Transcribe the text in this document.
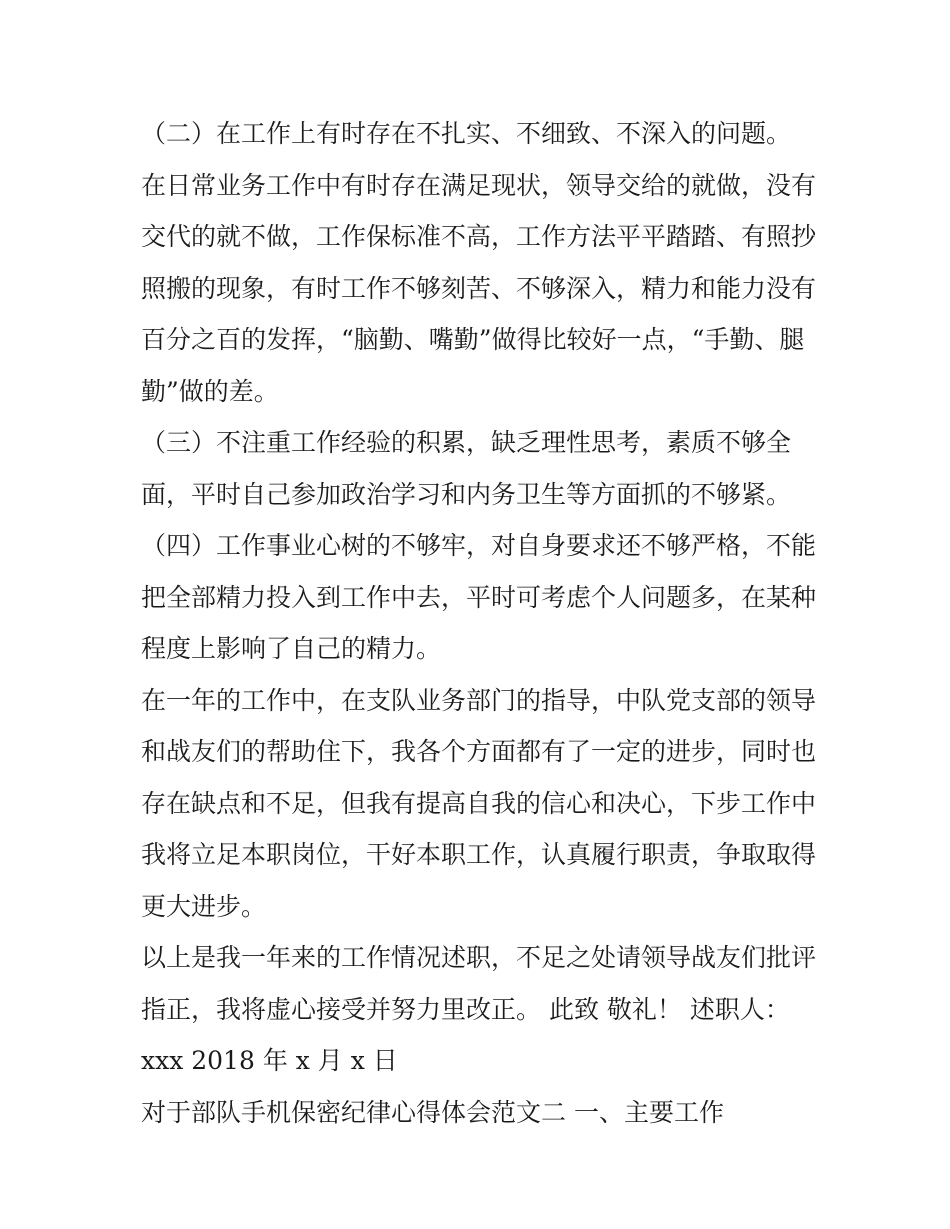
（二）在工作上有时存在不扎实、不细致、不深入的问题。

在日常业务工作中有时存在满足现状，领导交给的就做，没有

交代的就不做，工作保标准不高，工作方法平平踏踏、有照抄

照搬的现象，有时工作不够刻苦、不够深入，精力和能力没有

百分之百的发挥，“脑勤、嘴勤”做得比较好一点，“手勤、腿

勤”做的差。

（三）不注重工作经验的积累，缺乏理性思考，素质不够全

面，平时自己参加政治学习和内务卫生等方面抓的不够紧。

（四）工作事业心树的不够牢，对自身要求还不够严格，不能

把全部精力投入到工作中去，平时可考虑个人问题多，在某种

程度上影响了自己的精力。

在一年的工作中，在支队业务部门的指导，中队党支部的领导

和战友们的帮助住下，我各个方面都有了一定的进步，同时也

存在缺点和不足，但我有提高自我的信心和决心，下步工作中

我将立足本职岗位，干好本职工作，认真履行职责，争取取得

更大进步。

以上是我一年来的工作情况述职，不足之处请领导战友们批评

指正，我将虚心接受并努力里改正。 此致 敬礼！ 述职人：

xxx 2018 年 x 月 x 日

对于部队手机保密纪律心得体会范文二 一、主要工作
